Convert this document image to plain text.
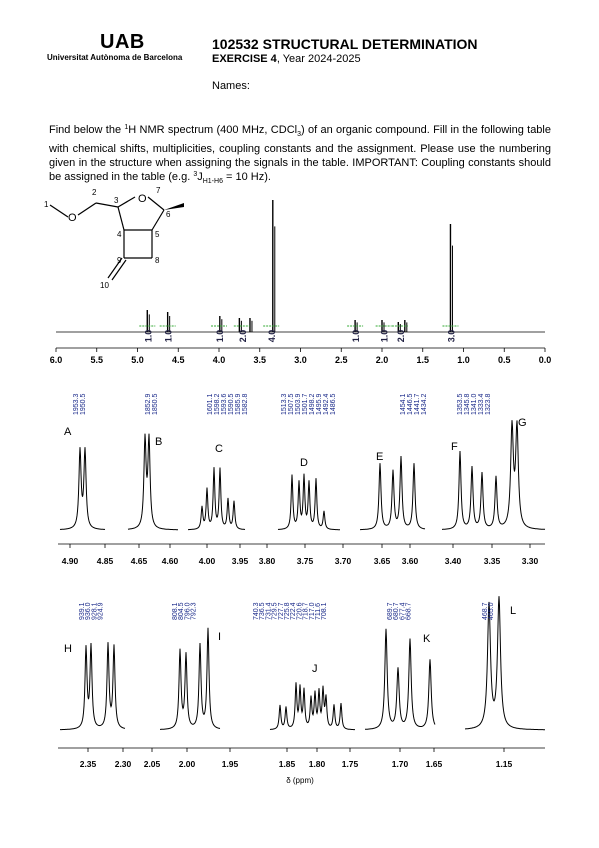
UAB
Universitat Autònoma de Barcelona
102532 STRUCTURAL DETERMINATION
EXERCISE 4, Year 2024-2025
Names:
Find below the $^1$H NMR spectrum (400 MHz, CDCl$_3$) of an organic compound. Fill in the following table with chemical shifts, multiplicities, coupling constants and the assignment. Please use the numbering given in the structure when assigning the signals in the table. IMPORTANT: Coupling constants should be assigned in the table (e.g. $^3J_{H1-H6} = 10$ Hz).
O
O
1
2
3
7
6
4	5
9	8
10
1.0 1.0	1.0 2.0 4.0	1.0 1.0 2.0	3.0
6.0	5.5	5.0	4.5	4.0	3.5	3.0	2.5	2.0	1.5	1.0	0.5	0.0
1953.3 1950.5	1852.9 1850.5	1601.1 1598.2 1593.6 1590.5 1585.9 1582.8	1513.3 1507.5 1503.9 1501.7 1498.2 1495.9 1492.4 1486.5	1454.1 1446.5 1441.7 1434.2	1353.5 1345.8 1341.0 1333.4 1323.8
A
B
C
D	E
F
G
4.90 4.85 4.65 4.60 4.00 3.95 3.80	3.75	3.70	3.65 3.60	3.40	3.35	3.30
H
I
J
K
L
939.1 936.0 928.1 924.9	808.1 804.5 796.0 792.3	740.3 736.5 731.4 729.5 727.7 725.8 722.4 720.6 718.7 717.0 711.6 708.1	689.7 680.7 677.4 668.7	468.7 465.0
2.35 2.30 2.05 2.00	1.95	1.85 1.80 1.75	1.70 1.65	1.15
δ (ppm)
